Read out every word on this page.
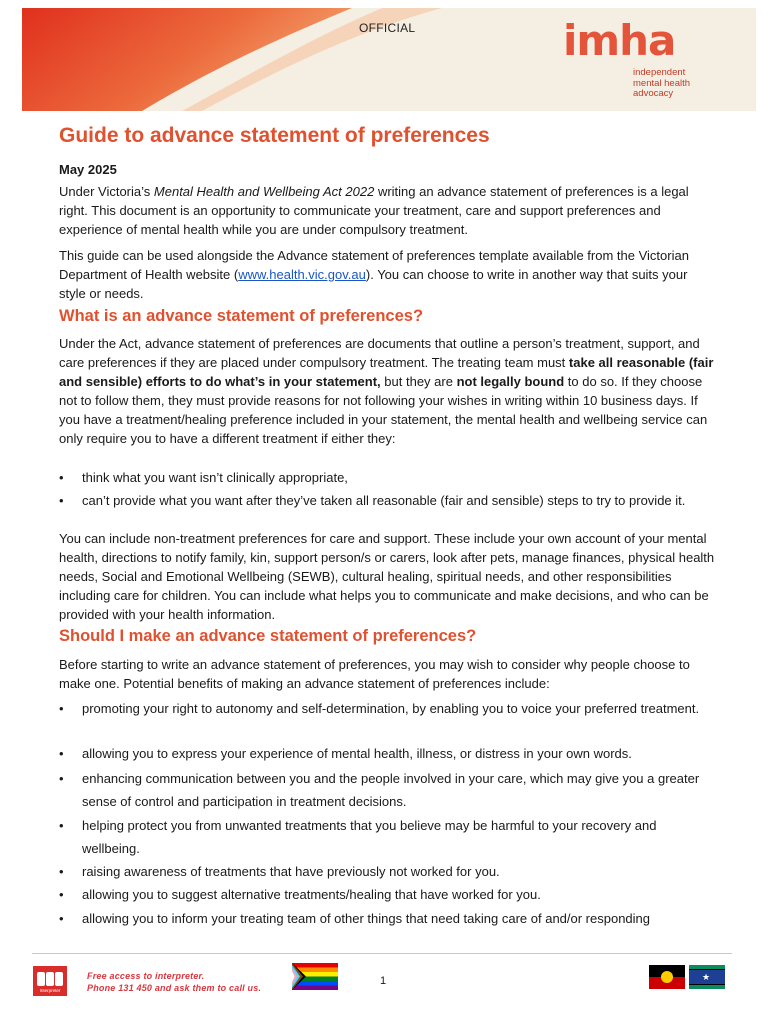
OFFICIAL	imha
independent
mental health
advocacy
Guide to advance statement of preferences
May 2025

Under Victoria’s Mental Health and Wellbeing Act 2022 writing an advance statement of preferences is a legal right. This document is an opportunity to communicate your treatment, care and support preferences and experience of mental health while you are under compulsory treatment.

This guide can be used alongside the Advance statement of preferences template available from the Victorian Department of Health website (www.health.vic.gov.au). You can choose to write in another way that suits your style or needs.

What is an advance statement of preferences?

Under the Act, advance statement of preferences are documents that outline a person’s treatment, support, and care preferences if they are placed under compulsory treatment. The treating team must take all reasonable (fair and sensible) efforts to do what’s in your statement, but they are not legally bound to do so. If they choose not to follow them, they must provide reasons for not following your wishes in writing within 10 business days. If you have a treatment/healing preference included in your statement, the mental health and wellbeing service can only require you to have a different treatment if either they:

• think what you want isn’t clinically appropriate,
• can’t provide what you want after they’ve taken all reasonable (fair and sensible) steps to try to provide it.

You can include non-treatment preferences for care and support. These include your own account of your mental health, directions to notify family, kin, support person/s or carers, look after pets, manage finances, physical health needs, Social and Emotional Wellbeing (SEWB), cultural healing, spiritual needs, and other responsibilities including care for children. You can include what helps you to communicate and make decisions, and who can be provided with your health information.

Should I make an advance statement of preferences?

Before starting to write an advance statement of preferences, you may wish to consider why people choose to make one. Potential benefits of making an advance statement of preferences include:

• promoting your right to autonomy and self-determination, by enabling you to voice your preferred treatment.
• allowing you to express your experience of mental health, illness, or distress in your own words.
• enhancing communication between you and the people involved in your care, which may give you a greater sense of control and participation in treatment decisions.
• helping protect you from unwanted treatments that you believe may be harmful to your recovery and wellbeing.
• raising awareness of treatments that have previously not worked for you.
• allowing you to suggest alternative treatments/healing that have worked for you.
• allowing you to inform your treating team of other things that need taking care of and/or responding
Interpreter
Free access to interpreter.
Phone 131 450 and ask them to call us.
1	★
